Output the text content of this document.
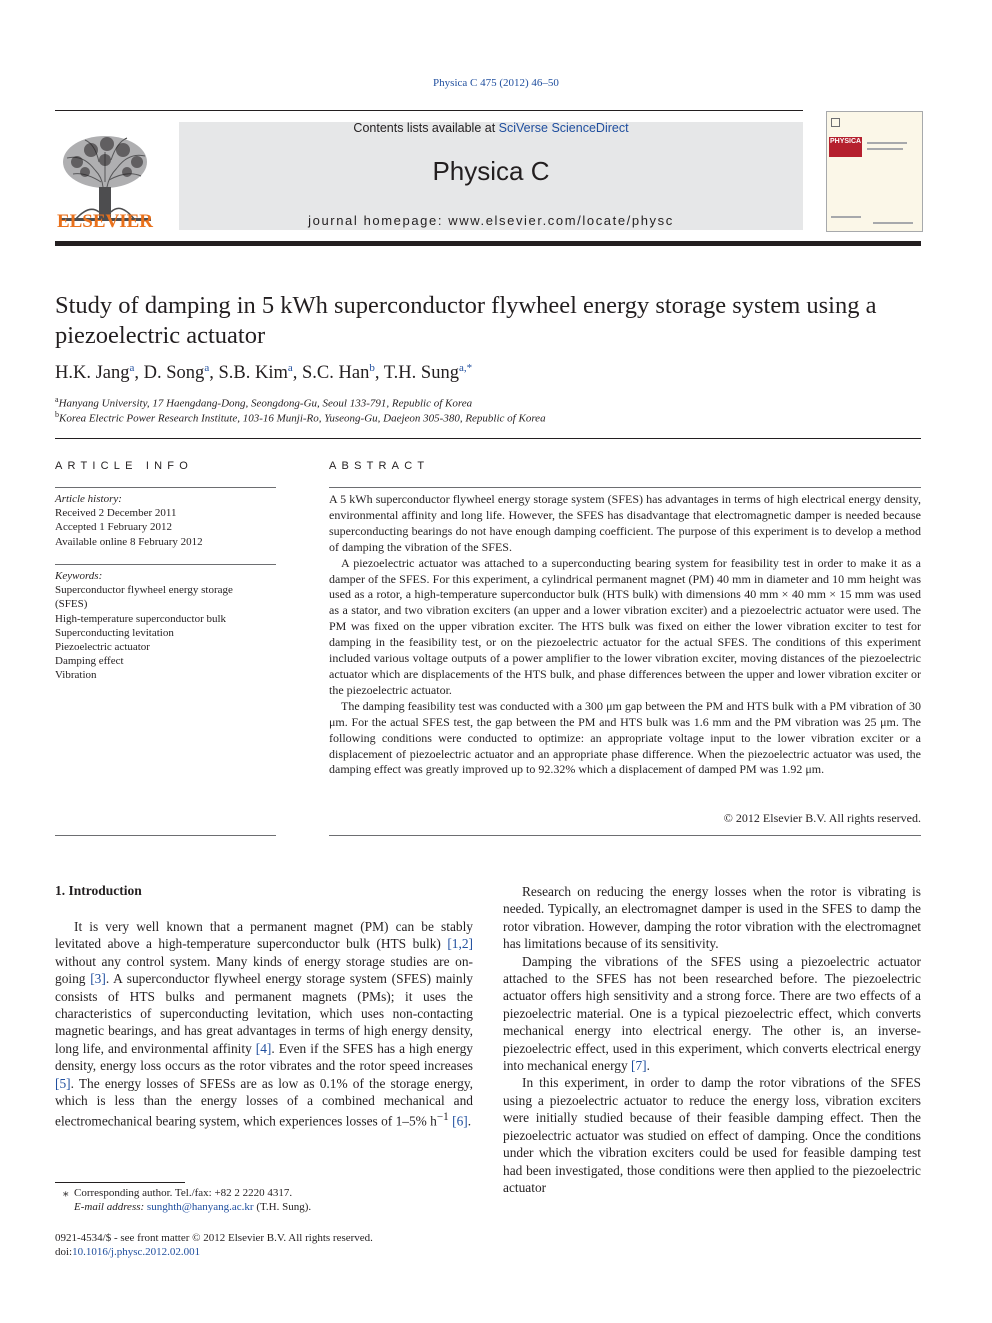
Physica C 475 (2012) 46–50
ELSEVIER
Contents lists available at SciVerse ScienceDirect
Physica C
journal homepage: www.elsevier.com/locate/physc
PHYSICA
Study of damping in 5 kWh superconductor flywheel energy storage system using a piezoelectric actuator
H.K. Jang$^a$, D. Song$^a$, S.B. Kim$^a$, S.C. Han$^b$, T.H. Sung$^{a,*}$
$^a$Hanyang University, 17 Haengdang-Dong, Seongdong-Gu, Seoul 133-791, Republic of Korea
$^b$Korea Electric Power Research Institute, 103-16 Munji-Ro, Yuseong-Gu, Daejeon 305-380, Republic of Korea
ARTICLE INFO
Article history:
Received 2 December 2011
Accepted 1 February 2012
Available online 8 February 2012
Keywords:
Superconductor flywheel energy storage
(SFES)
High-temperature superconductor bulk
Superconducting levitation
Piezoelectric actuator
Damping effect
Vibration
ABSTRACT

A 5 kWh superconductor flywheel energy storage system (SFES) has advantages in terms of high electrical energy density, environmental affinity and long life. However, the SFES has disadvantage that electromagnetic damper is needed because superconducting bearings do not have enough damping coefficient. The purpose of this experiment is to develop a method of damping the vibration of the SFES.

A piezoelectric actuator was attached to a superconducting bearing system for feasibility test in order to make it as a damper of the SFES. For this experiment, a cylindrical permanent magnet (PM) 40 mm in diameter and 10 mm height was used as a rotor, a high-temperature superconductor bulk (HTS bulk) with dimensions 40 mm × 40 mm × 15 mm was used as a stator, and two vibration exciters (an upper and a lower vibration exciter) and a piezoelectric actuator were used. The PM was fixed on the upper vibration exciter. The HTS bulk was fixed on either the lower vibration exciter to test for damping in the feasibility test, or on the piezoelectric actuator for the actual SFES. The conditions of this experiment included various voltage outputs of a power amplifier to the lower vibration exciter, moving distances of the piezoelectric actuator which are displacements of the HTS bulk, and phase differences between the upper and lower vibration exciter or the piezoelectric actuator.

The damping feasibility test was conducted with a 300 μm gap between the PM and HTS bulk with a PM vibration of 30 μm. For the actual SFES test, the gap between the PM and HTS bulk was 1.6 mm and the PM vibration was 25 μm. The following conditions were conducted to optimize: an appropriate voltage input to the lower vibration exciter or a displacement of piezoelectric actuator and an appropriate phase difference. When the piezoelectric actuator was used, the damping effect was greatly improved up to 92.32% which a displacement of damped PM was 1.92 μm.

© 2012 Elsevier B.V. All rights reserved.
1. Introduction

It is very well known that a permanent magnet (PM) can be stably levitated above a high-temperature superconductor bulk (HTS bulk) [1,2] without any control system. Many kinds of energy storage studies are on-going [3]. A superconductor flywheel energy storage system (SFES) mainly consists of HTS bulks and permanent magnets (PMs); it uses the characteristics of superconducting levitation, which uses non-contacting magnetic bearings, and has great advantages in terms of high energy density, long life, and environmental affinity [4]. Even if the SFES has a high energy density, energy loss occurs as the rotor vibrates and the rotor speed increases [5]. The energy losses of SFESs are as low as 0.1% of the storage energy, which is less than the energy losses of a combined mechanical and electromechanical bearing system, which experiences losses of 1–5% $h^{-1}$ [6].

Research on reducing the energy losses when the rotor is vibrating is needed. Typically, an electromagnet damper is used in the SFES to damp the rotor vibration. However, damping the rotor vibration with the electromagnet has limitations because of its sensitivity.

Damping the vibrations of the SFES using a piezoelectric actuator attached to the SFES has not been researched before. The piezoelectric actuator offers high sensitivity and a strong force. There are two effects of a piezoelectric material. One is a typical piezoelectric effect, which converts mechanical energy into electrical energy. The other is, an inverse-piezoelectric effect, used in this experiment, which converts electrical energy into mechanical energy [7].

In this experiment, in order to damp the rotor vibrations of the SFES using a piezoelectric actuator to reduce the energy loss, vibration exciters were initially studied because of their feasible damping effect. Then the piezoelectric actuator was studied on effect of damping. Once the conditions under which the vibration exciters could be used for feasible damping test had been investigated, those conditions were then applied to the piezoelectric actuator

⁎ Corresponding author. Tel./fax: +82 2 2220 4317.
E-mail address: sunghth@hanyang.ac.kr (T.H. Sung).
0921-4534/$ - see front matter © 2012 Elsevier B.V. All rights reserved.
doi:10.1016/j.physc.2012.02.001
